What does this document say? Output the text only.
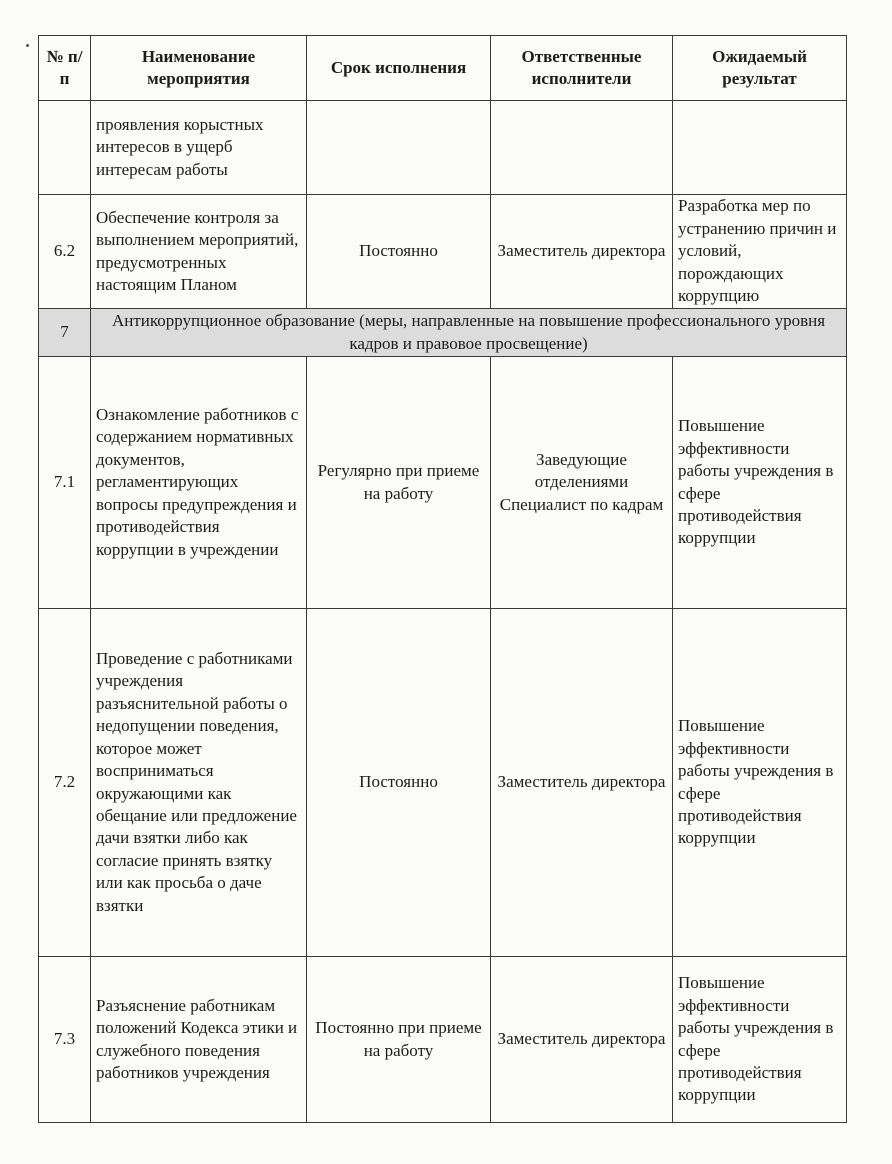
№ п/п	Наименование мероприятия	Срок исполнения	Ответственные исполнители	Ожидаемый результат
	проявления корыстных интересов в ущерб интересам работы			
6.2	Обеспечение контроля за выполнением мероприятий, предусмотренных настоящим Планом	Постоянно	Заместитель директора	Разработка мер по устранению причин и условий, порождающих коррупцию
7	Антикоррупционное образование (меры, направленные на повышение профессионального уровня кадров и правовое просвещение)			
7.1	Ознакомление работников с содержанием нормативных документов, регламентирующих вопросы предупреждения и противодействия коррупции в учреждении	Регулярно при приеме на работу	Заведующие отделениями Специалист по кадрам	Повышение эффективности работы учреждения в сфере противодействия коррупции
7.2	Проведение с работниками учреждения разъяснительной работы о недопущении поведения, которое может восприниматься окружающими как обещание или предложение дачи взятки либо как согласие принять взятку или как просьба о даче взятки	Постоянно	Заместитель директора	Повышение эффективности работы учреждения в сфере противодействия коррупции
7.3	Разъяснение работникам положений Кодекса этики и служебного поведения работников учреждения	Постоянно при приеме на работу	Заместитель директора	Повышение эффективности работы учреждения в сфере противодействия коррупции
